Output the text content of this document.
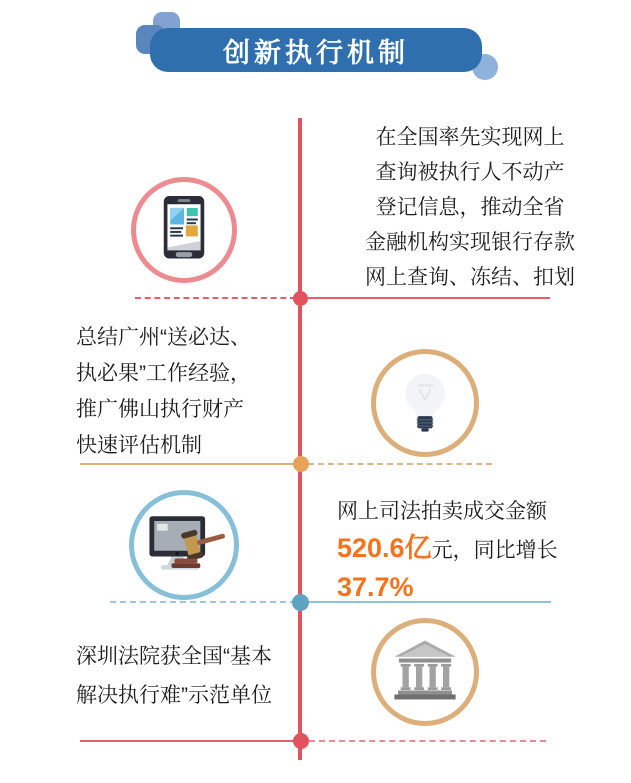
创新执行机制
在全国率先实现网上
查询被执行人不动产
登记信息，推动全省
金融机构实现银行存款
网上查询、冻结、扣划
总结广州“送必达、
执必果”工作经验，
推广佛山执行财产
快速评估机制
网上司法拍卖成交金额
520.6亿元，同比增长
37.7%
深圳法院获全国“基本
解决执行难”示范单位
